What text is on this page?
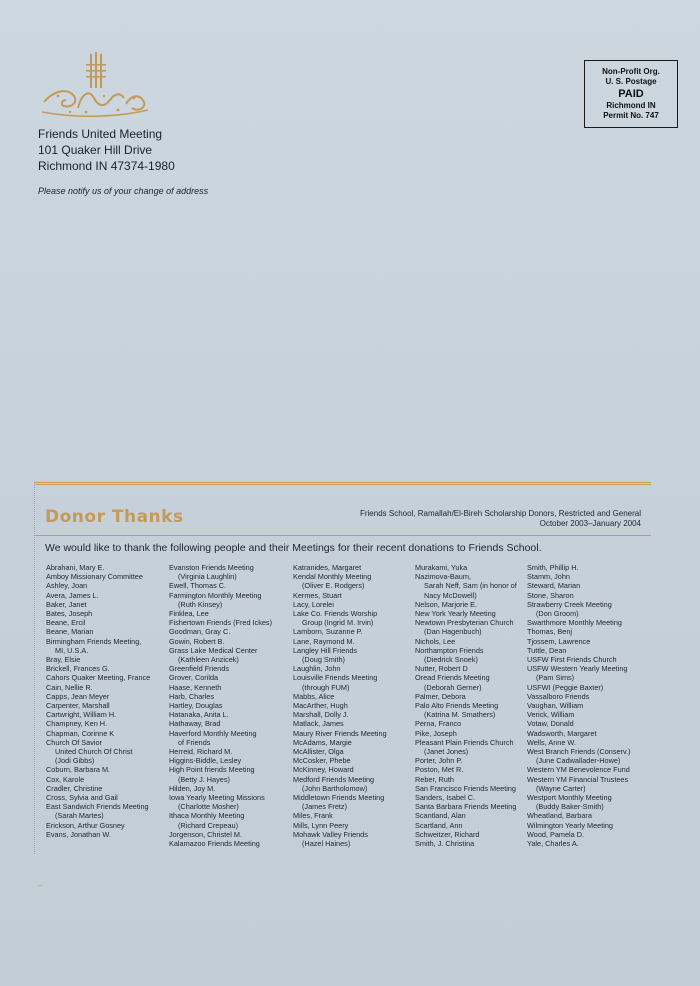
Friends United Meeting
101 Quaker Hill Drive
Richmond IN 47374-1980
Please notify us of your change of address
Non-Profit Org.
U. S. Postage
PAID
Richmond IN
Permit No. 747
Donor Thanks	Friends School, Ramallah/El-Bireh Scholarship Donors, Restricted and General
October 2003–January 2004
We would like to thank the following people and their Meetings for their recent donations to Friends School.
Abrahani, Mary E.
Amboy Missionary Committee
Ashley, Joan
Avera, James L.
Baker, Janet
Bates, Joseph
Beane, Ercil
Beane, Marian
Birmingham Friends Meeting,
MI, U.S.A.
Bray, Elsie
Brickell, Frances G.
Cahors Quaker Meeting, France
Cain, Nellie R.
Capps, Jean Meyer
Carpenter, Marshall
Cartwright, William H.
Champney, Ken H.
Chapman, Corinne K
Church Of Savior
United Church Of Christ
(Jodi Gibbs)
Coburn, Barbara M.
Cox, Karole
Cradler, Christine
Cross, Sylvia and Gail
East Sandwich Friends Meeting
(Sarah Martes)
Erickson, Arthur Gosney
Evans, Jonathan W.
Evanston Friends Meeting
(Virginia Laughlin)
Ewell, Thomas C.
Farmington Monthly Meeting
(Ruth Kinsey)
Finklea, Lee
Fishertown Friends (Fred Ickes)
Goodman, Gray C.
Gowin, Robert B.
Grass Lake Medical Center
(Kathleen Anzicek)
Greenfield Friends
Grover, Corilda
Haase, Kenneth
Harb, Charles
Hartley, Douglas
Hatanaka, Anita L.
Hathaway, Brad
Haverford Monthly Meeting
of Friends
Herreid, Richard M.
Higgins-Biddle, Lesley
High Point friends Meeting
(Betty J. Hayes)
Hilden, Joy M.
Iowa Yearly Meeting Missions
(Charlotte Mosher)
Ithaca Monthly Meeting
(Richard Crepeau)
Jorgenson, Christel M.
Kalamazoo Friends Meeting
Katranides, Margaret
Kendal Monthly Meeting
(Oliver E. Rodgers)
Kermes, Stuart
Lacy, Lorelei
Lake Co. Friends Worship
Group (Ingrid M. Irvin)
Lamborn, Suzanne P.
Lane, Raymond M.
Langley Hill Friends
(Doug Smith)
Laughlin, John
Louisville Friends Meeting
(through FUM)
Mabbs, Alice
MacArther, Hugh
Marshall, Dolly J.
Matlack, James
Maury River Friends Meeting
McAdams, Margie
McAllister, Olga
McCosker, Phebe
McKinney, Howard
Medford Friends Meeting
(John Bartholomow)
Middletown Friends Meeting
(James Fretz)
Miles, Frank
Mills, Lynn Peery
Mohawk Valley Friends
(Hazel Haines)
Murakami, Yuka
Nazimova-Baum,
Sarah Neff, Sam (in honor of
Nacy McDowell)
Nelson, Marjorie E.
New York Yearly Meeting
Newtown Presbyterian Church
(Dan Hagenbuch)
Nichols, Lee
Northampton Friends
(Diedrick Snoek)
Nutter, Robert D
Oread Friends Meeting
(Deborah Gerner)
Palmer, Debora
Palo Alto Friends Meeting
(Katrina M. Smathers)
Perna, Franco
Pike, Joseph
Pleasant Plain Friends Church
(Janet Jones)
Porter, John P.
Poston, Met R.
Reber, Ruth
San Francisco Friends Meeting
Sanders, Isabel C.
Santa Barbara Friends Meeting
Scantland, Alan
Scartland, Ann
Schweitzer, Richard
Smith, J. Christina
Smith, Phillip H.
Stamm, John
Steward, Marian
Stone, Sharon
Strawberry Creek Meeting
(Don Groom)
Swarthmore Monthly Meeting
Thomas, Benj
Tjossem, Lawrence
Tuttle, Dean
USFW First Friends Church
USFW Western Yearly Meeting
(Pam Sims)
USFWI (Peggie Baxter)
Vassalboro Friends
Vaughan, William
Verick, William
Votaw, Donald
Wadsworth, Margaret
Wells, Anne W.
West Branch Friends (Conserv.)
(June Cadwallader-Howe)
Western YM Benevolence Fund
Western YM Financial Trustees
(Wayne Carter)
Westport Monthly Meeting
(Buddy Baker-Smith)
Wheatland, Barbara
Wilmington Yearly Meeting
Wood, Pamela D.
Yale, Charles A.
~
